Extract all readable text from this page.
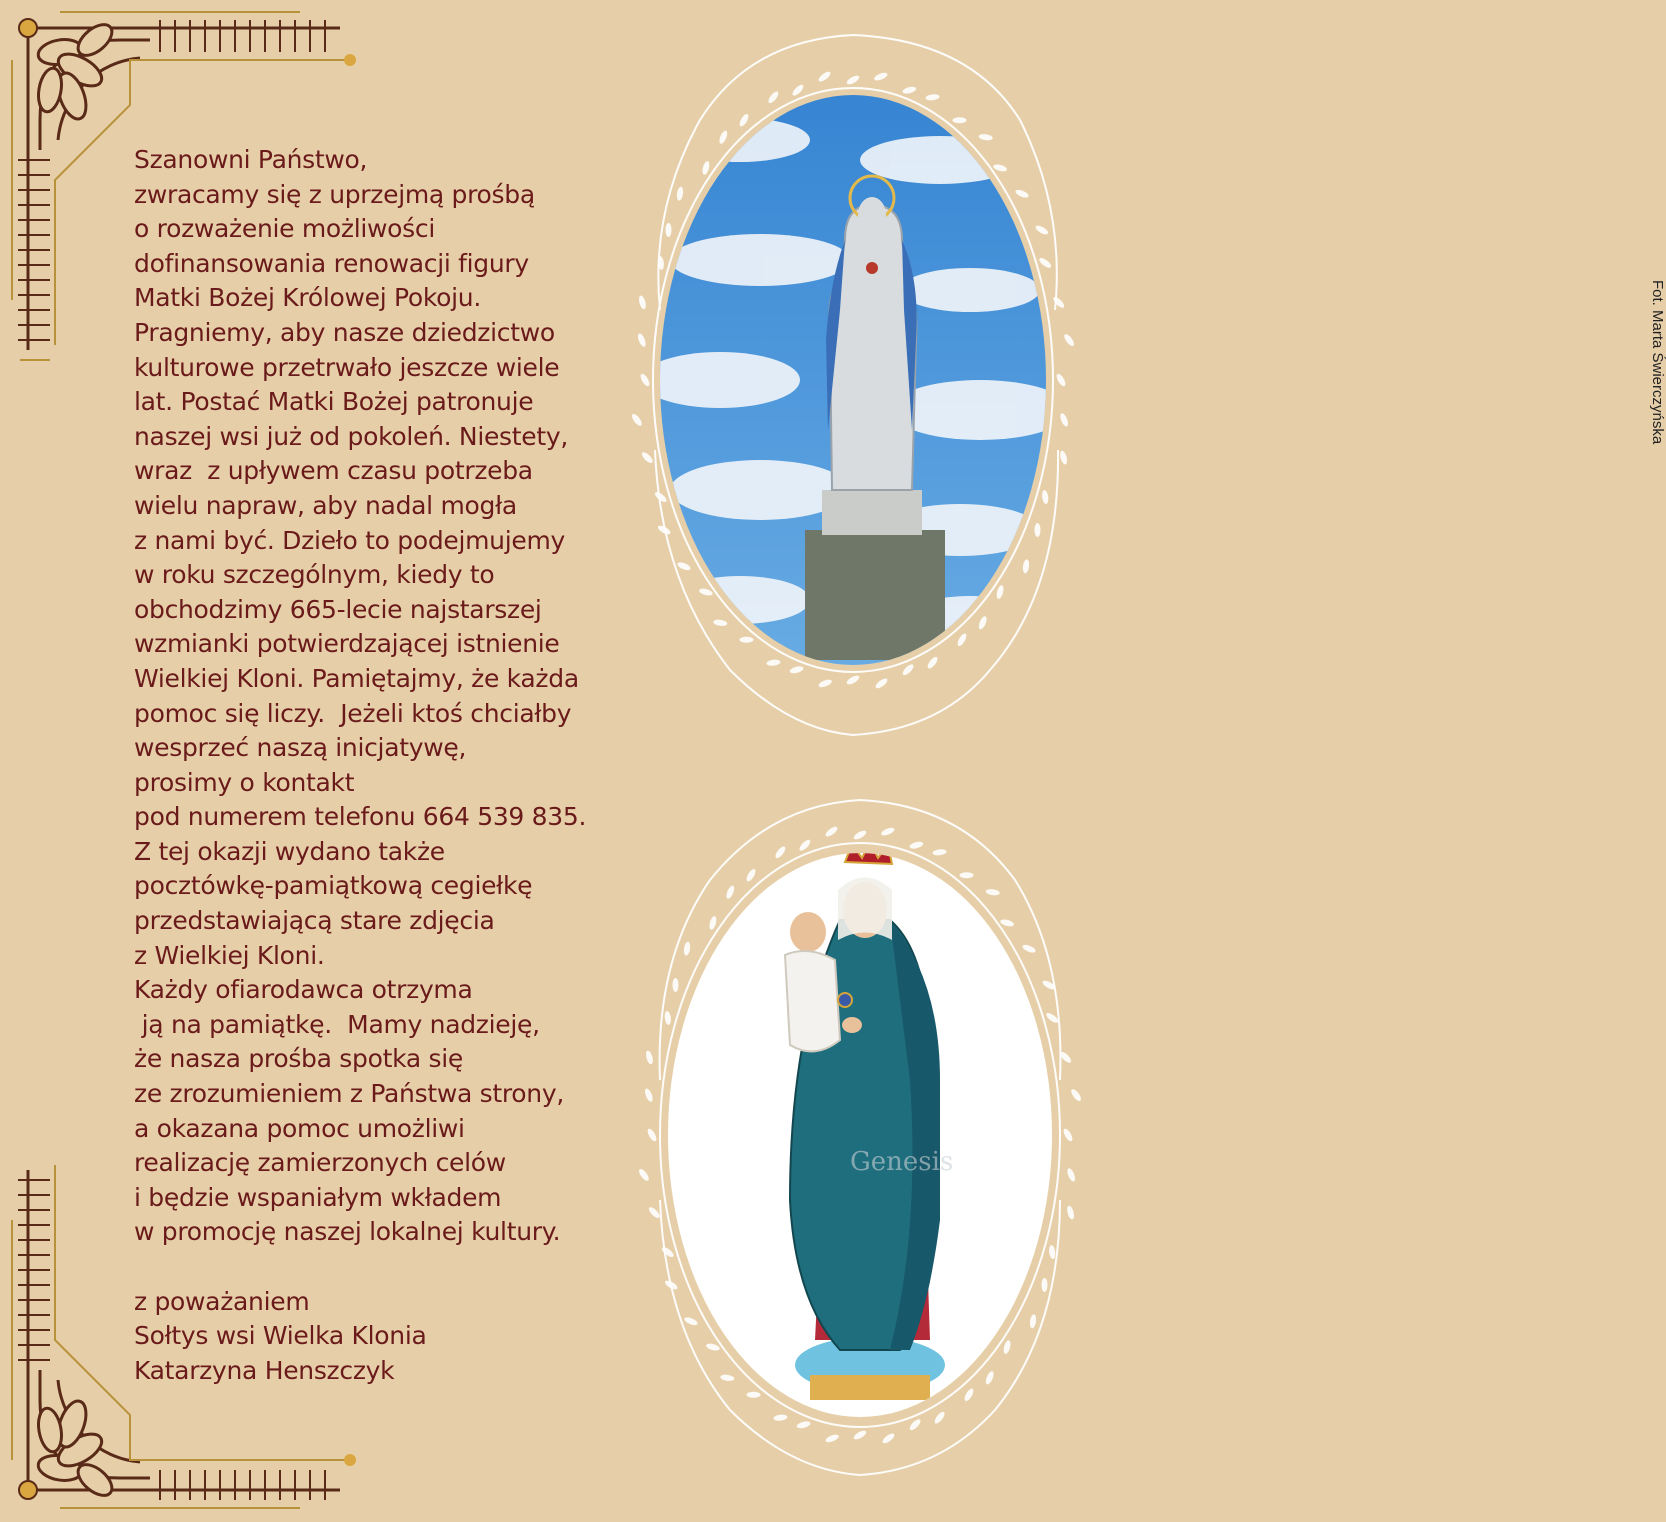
Szanowni Państwo,
zwracamy się z uprzejmą prośbą
o rozważenie możliwości
dofinansowania renowacji figury
Matki Bożej Królowej Pokoju.
Pragniemy, aby nasze dziedzictwo
kulturowe przetrwało jeszcze wiele
lat. Postać Matki Bożej patronuje
naszej wsi już od pokoleń. Niestety,
wraz  z upływem czasu potrzeba
wielu napraw, aby nadal mogła
z nami być. Dzieło to podejmujemy
w roku szczególnym, kiedy to
obchodzimy 665-lecie najstarszej
wzmianki potwierdzającej istnienie
Wielkiej Kloni. Pamiętajmy, że każda
pomoc się liczy.  Jeżeli ktoś chciałby
wesprzeć naszą inicjatywę,
prosimy o kontakt
pod numerem telefonu 664 539 835.
Z tej okazji wydano także
pocztówkę-pamiątkową cegiełkę
przedstawiającą stare zdjęcia
z Wielkiej Kloni.
Każdy ofiarodawca otrzyma
ją na pamiątkę.  Mamy nadzieję,
że nasza prośba spotka się
ze zrozumieniem z Państwa strony,
a okazana pomoc umożliwi
realizację zamierzonych celów
i będzie wspaniałym wkładem
w promocję naszej lokalnej kultury.
z poważaniem
Sołtys wsi Wielka Klonia
Katarzyna Henszczyk
Fot. Marta Świerczyńska
Genesis
